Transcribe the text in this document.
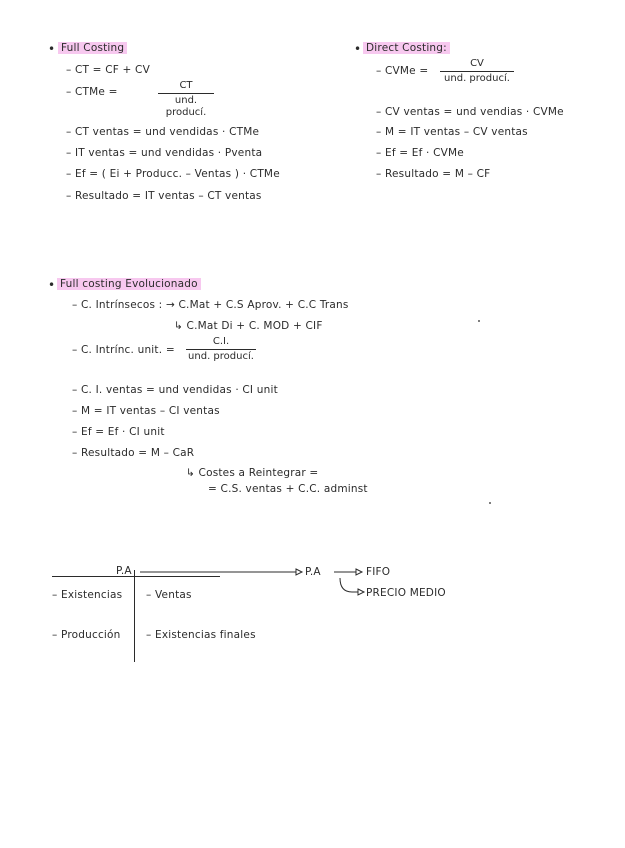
• Full Costing
– CT = CF + CV
– CTMe =
CT
und. producí.
– CT ventas = und vendidas · CTMe
– IT ventas = und vendidas · Pventa
– Ef = ( Ei + Producc. – Ventas ) · CTMe
– Resultado = IT ventas – CT ventas
• Direct Costing:
– CVMe =
CV
und. producí.
– CV ventas = und vendias · CVMe
– M = IT ventas – CV ventas
– Ef = Ef · CVMe
– Resultado = M – CF
• Full costing Evolucionado
– C. Intrínsecos : → C.Mat + C.S Aprov. + C.C Trans
↳ C.Mat Di + C. MOD + CIF
– C. Intrínc. unit. =
C.I.
und. producí.
– C. I. ventas = und vendidas · CI unit
– M = IT ventas – CI ventas
– Ef = Ef · CI unit
– Resultado = M – CaR
↳ Costes a Reintegrar =
= C.S. ventas + C.C. adminst
P.A	P.A	FIFO
PRECIO MEDIO
– Existencias – Ventas
– Producción – Existencias finales
